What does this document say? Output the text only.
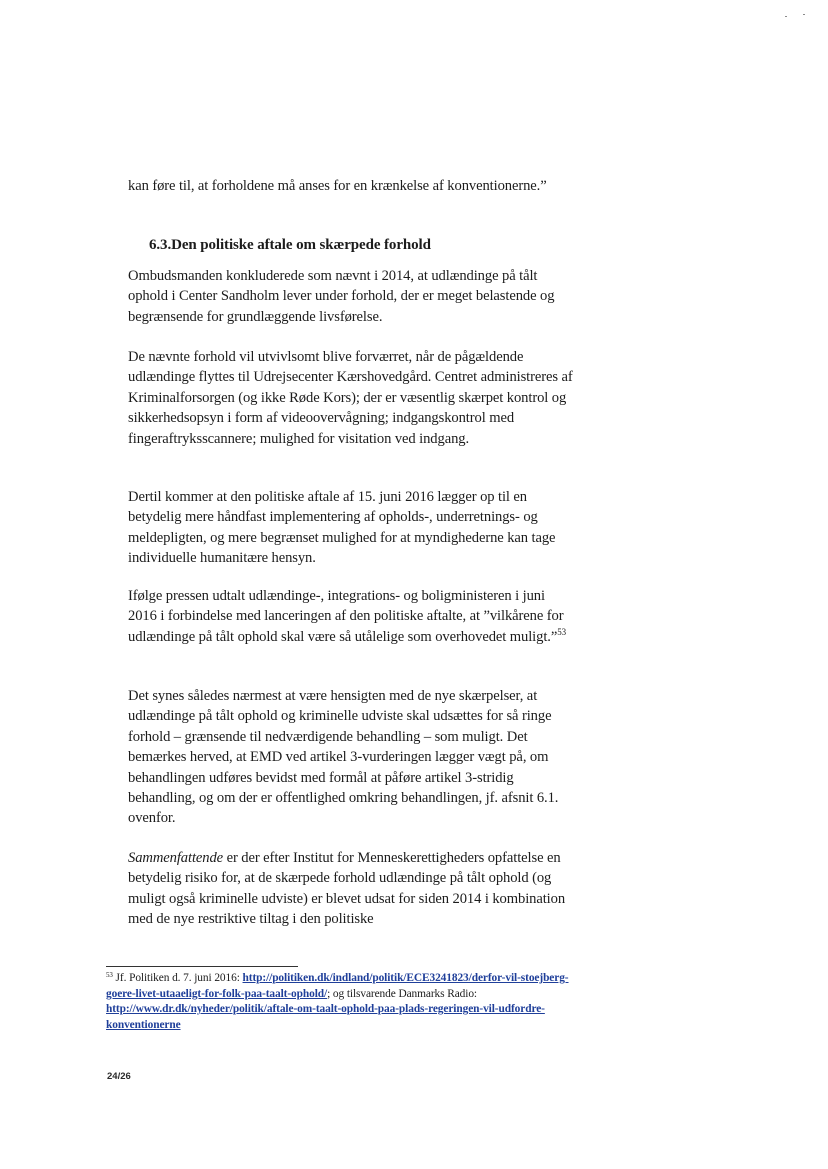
kan føre til, at forholdene må anses for en krænkelse af konventionerne.”

6.3.Den politiske aftale om skærpede forhold

Ombudsmanden konkluderede som nævnt i 2014, at udlændinge på tålt ophold i Center Sandholm lever under forhold, der er meget belastende og begrænsende for grundlæggende livsførelse.

De nævnte forhold vil utvivlsomt blive forværret, når de pågældende udlændinge flyttes til Udrejsecenter Kærshovedgård. Centret administreres af Kriminalforsorgen (og ikke Røde Kors); der er væsentlig skærpet kontrol og sikkerhedsopsyn i form af videoovervågning; indgangskontrol med fingeraftryksscannere; mulighed for visitation ved indgang.

Dertil kommer at den politiske aftale af 15. juni 2016 lægger op til en betydelig mere håndfast implementering af opholds-, underretnings- og meldepligten, og mere begrænset mulighed for at myndighederne kan tage individuelle humanitære hensyn.

Ifølge pressen udtalt udlændinge-, integrations- og boligministeren i juni 2016 i forbindelse med lanceringen af den politiske aftalte, at ”vilkårene for udlændinge på tålt ophold skal være så utålelige som overhovedet muligt.”$^{53}$

Det synes således nærmest at være hensigten med de nye skærpelser, at udlændinge på tålt ophold og kriminelle udviste skal udsættes for så ringe forhold – grænsende til nedværdigende behandling – som muligt. Det bemærkes herved, at EMD ved artikel 3-vurderingen lægger vægt på, om behandlingen udføres bevidst med formål at påføre artikel 3-stridig behandling, og om der er offentlighed omkring behandlingen, jf. afsnit 6.1. ovenfor.

Sammenfattende er der efter Institut for Menneskerettigheders opfattelse en betydelig risiko for, at de skærpede forhold udlændinge på tålt ophold (og muligt også kriminelle udviste) er blevet udsat for siden 2014 i kombination med de nye restriktive tiltag i den politiske

$^{53}$ Jf. Politiken d. 7. juni 2016: http://politiken.dk/indland/politik/ECE3241823/derfor-vil-stoejberg-goere-livet-utaaeligt-for-folk-paa-taalt-ophold/; og tilsvarende Danmarks Radio: http://www.dr.dk/nyheder/politik/aftale-om-taalt-ophold-paa-plads-regeringen-vil-udfordre-konventionerne
24/26
